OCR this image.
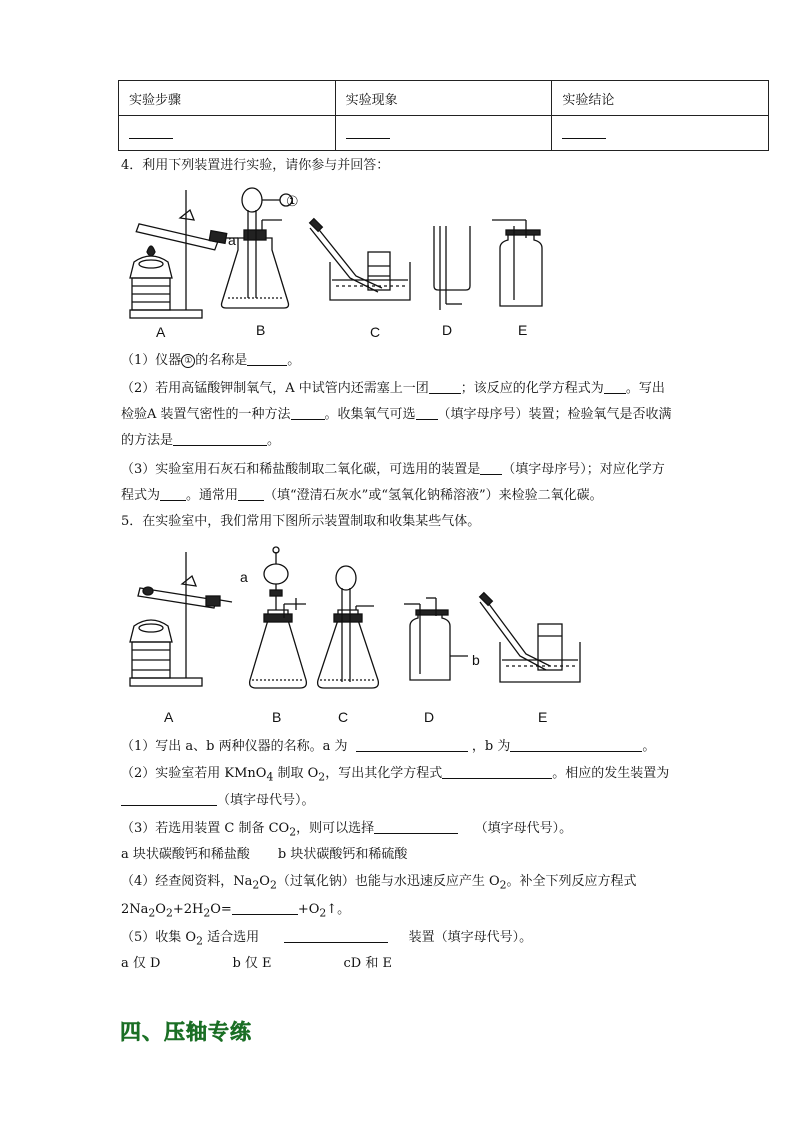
实验步骤	实验现象	实验结论

4．利用下列装置进行实验，请你参与并回答：
①
a
A	B	C	D	E
（1）仪器 ① 的名称是	。
（2）若用高锰酸钾制氧气，A 中试管内还需塞上一团 ；该反应的化学方程式为 。写出
检验A 装置气密性的一种方法	。收集氧气可选 （填字母序号）装置；检验氧气是否收满
的方法是	。
（3）实验室用石灰石和稀盐酸制取二氧化碳，可选用的装置是 （填字母序号）；对应化学方
程式为 。通常用 （填“澄清石灰水”或“氢氧化钠稀溶液”）来检验二氧化碳。
5．在实验室中，我们常用下图所示装置制取和收集某些气体。
a
b
A	B	C	D	E
（1）写出 a、b 两种仪器的名称。a 为	，b 为	。
（2）实验室若用 KMnO$_4$ 制取 $O_2$，写出其化学方程式	。相应的发生装置为
（填字母代号）。
（3）若选用装置 C 制备 $CO_2$，则可以选择	（填字母代号）。
a 块状碳酸钙和稀盐酸 b 块状碳酸钙和稀硫酸
（4）经查阅资料，$Na_2O_2$（过氧化钠）也能与水迅速反应产生 $O_2$。补全下列反应方程式
$2Na_2O_2+2H_2O=$	$+O_2↑$。
（5）收集 $O_2$ 适合选用	装置（填字母代号）。
a 仅 D	b 仅 E	cD 和 E
四、压轴专练
